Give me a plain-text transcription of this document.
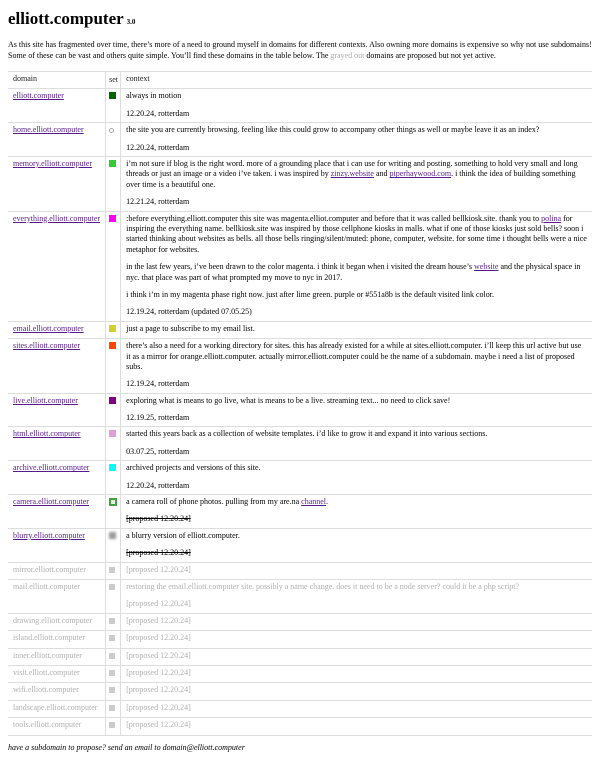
elliott.computer 3.0

As this site has fragmented over time, there’s more of a need to ground myself in domains for different contexts. Also owning more domains is expensive so why not use subdomains! Some of these can be vast and others quite simple. You’ll find these domains in the table below. The grayed out domains are proposed but not yet active.

domain	set	context
elliott.computer		always in motion

12.20.24, rotterdam

home.elliott.computer		the site you are currently browsing. feeling like this could grow to accompany other things as well or maybe leave it as an index?

12.20.24, rotterdam

memory.elliott.computer		i’m not sure if blog is the right word. more of a grounding place that i can use for writing and posting. something to hold very small and long threads or just an image or a video i’ve taken. i was inspired by zinzy.website and piperhaywood.com. i think the idea of building something over time is a beautiful one.

12.21.24, rotterdam

everything.elliott.computer		:before everything.elliott.computer this site was magenta.elliot.computer and before that it was called bellkiosk.site. thank you to polina for inspiring the everything name. bellkiosk.site was inspired by those cellphone kiosks in malls. what if one of those kiosks just sold bells? soon i started thinking about websites as bells. all those bells ringing/silent/muted: phone, computer, website. for some time i thought bells were a nice metaphor for websites.

in the last few years, i’ve been drawn to the color magenta. i think it began when i visited the dream house’s website and the physical space in nyc. that place was part of what prompted my move to nyc in 2017.

i think i’m in my magenta phase right now. just after lime green. purple or #551a8b is the default visited link color.

12.19.24, rotterdam (updated 07.05.25)

email.elliott.computer		just a page to subscribe to my email list.

sites.elliott.computer		there’s also a need for a working directory for sites. this has already existed for a while at sites.elliott.computer. i’ll keep this url active but use it as a mirror for orange.elliott.computer. actually mirror.elliott.computer could be the name of a subdomain. maybe i need a list of proposed subs.

12.19.24, rotterdam

live.elliott.computer		exploring what is means to go live, what is means to be a live. streaming text... no need to click save!

12.19.25, rotterdam

html.elliott.computer		started this years back as a collection of website templates. i’d like to grow it and expand it into various sections.

03.07.25, rotterdam

archive.elliott.computer		archived projects and versions of this site.

12.20.24, rotterdam

camera.elliott.computer		a camera roll of phone photos. pulling from my are.na channel.

[proposed 12.20.24]

blurry.elliott.computer		a blurry version of elliott.computer.

[proposed 12.20.24]

mirror.elliott.computer		[proposed 12.20.24]

mail.elliott.computer		restoring the email.elliott.computer site. possibly a name change. does it need to be a node server? could it be a php script?

[proposed 12.20.24]

drawing.elliott.computer		[proposed 12.20.24]

island.elliott.computer		[proposed 12.20.24]

inner.elliott.computer		[proposed 12.20.24]

visit.elliott.computer		[proposed 12.20.24]

wifi.elliott.computer		[proposed 12.20.24]

landscape.elliott.computer		[proposed 12.20.24]

tools.elliott.computer		[proposed 12.20.24]

have a subdomain to propose? send an email to domain@elliott.computer
